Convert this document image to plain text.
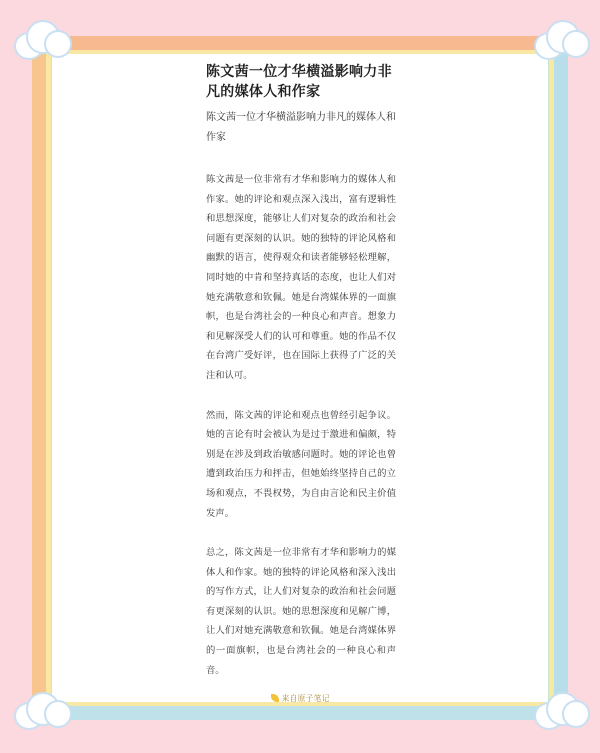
陈文茜一位才华横溢影响力非凡的媒体人和作家

陈文茜一位才华横溢影响力非凡的媒体人和作家

陈文茜是一位非常有才华和影响力的媒体人和作家。她的评论和观点深入浅出，富有逻辑性和思想深度，能够让人们对复杂的政治和社会问题有更深刻的认识。她的独特的评论风格和幽默的语言，使得观众和读者能够轻松理解，同时她的中肯和坚持真话的态度，也让人们对她充满敬意和钦佩。她是台湾媒体界的一面旗帜，也是台湾社会的一种良心和声音。想象力和见解深受人们的认可和尊重。她的作品不仅在台湾广受好评，也在国际上获得了广泛的关注和认可。

然而，陈文茜的评论和观点也曾经引起争议。她的言论有时会被认为是过于激进和偏颇，特别是在涉及到政治敏感问题时。她的评论也曾遭到政治压力和抨击，但她始终坚持自己的立场和观点，不畏权势，为自由言论和民主价值发声。

总之，陈文茜是一位非常有才华和影响力的媒体人和作家。她的独特的评论风格和深入浅出的写作方式，让人们对复杂的政治和社会问题有更深刻的认识。她的思想深度和见解广博，让人们对她充满敬意和钦佩。她是台湾媒体界的一面旗帜，也是台湾社会的一种良心和声音。

来自原子笔记
